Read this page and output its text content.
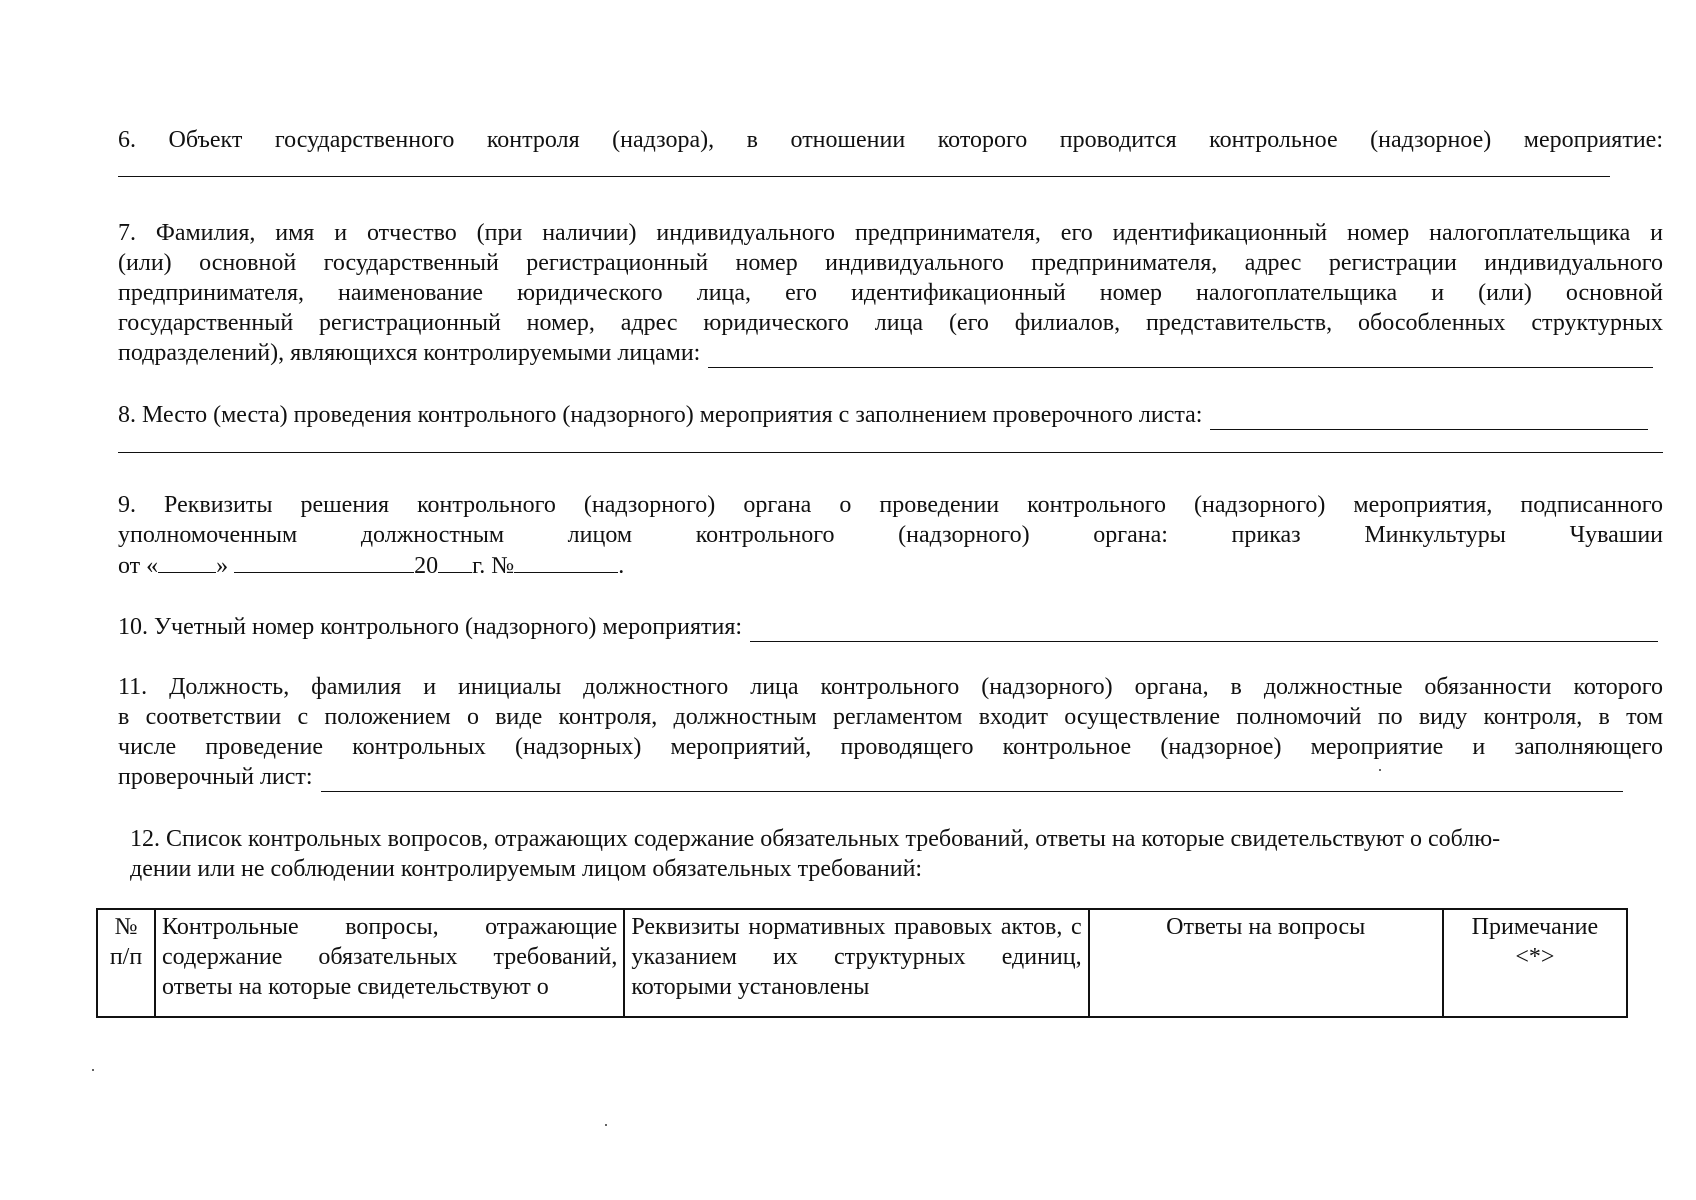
6. Объект государственного контроля (надзора), в отношении которого проводится контрольное (надзорное) мероприятие:
7. Фамилия, имя и отчество (при наличии) индивидуального предпринимателя, его идентификационный номер налогоплательщика и
(или) основной государственный регистрационный номер индивидуального предпринимателя, адрес регистрации индивидуального
предпринимателя, наименование юридического лица, его идентификационный номер налогоплательщика и (или) основной
государственный регистрационный номер, адрес юридического лица (его филиалов, представительств, обособленных структурных
подразделений), являющихся контролируемыми лицами:
8. Место (места) проведения контрольного (надзорного) мероприятия с заполнением проверочного листа:
9. Реквизиты решения контрольного (надзорного) органа о проведении контрольного (надзорного) мероприятия, подписанного
уполномоченным должностным лицом контрольного (надзорного) органа: приказ Минкультуры Чувашии
от « »	20 г. №	.
10. Учетный номер контрольного (надзорного) мероприятия:
11. Должность, фамилия и инициалы должностного лица контрольного (надзорного) органа, в должностные обязанности которого
в соответствии с положением о виде контроля, должностным регламентом входит осуществление полномочий по виду контроля, в том
числе проведение контрольных (надзорных) мероприятий, проводящего контрольное (надзорное) мероприятие и заполняющего
проверочный лист:
12. Список контрольных вопросов, отражающих содержание обязательных требований, ответы на которые свидетельствуют о соблю-
дении или не соблюдении контролируемым лицом обязательных требований:
№ п/п	Контрольные вопросы, отражающие содержание обязательных требований, ответы на которые свидетельствуют о	Реквизиты нормативных правовых актов, с указанием их структурных единиц, которыми установлены	Ответы на вопросы	Примечание <*>
